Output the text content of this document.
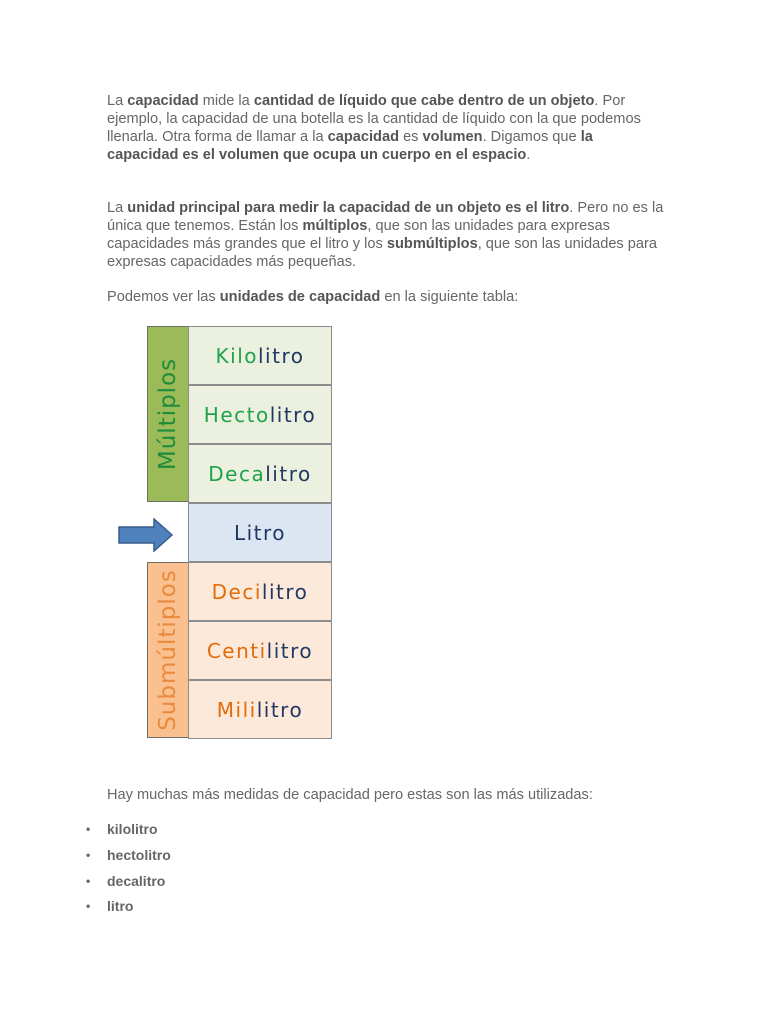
La capacidad mide la cantidad de líquido que cabe dentro de un objeto. Por ejemplo, la capacidad de una botella es la cantidad de líquido con la que podemos llenarla. Otra forma de llamar a la capacidad es volumen. Digamos que la capacidad es el volumen que ocupa un cuerpo en el espacio.
La unidad principal para medir la capacidad de un objeto es el litro. Pero no es la única que tenemos. Están los múltiplos, que son las unidades para expresas capacidades más grandes que el litro y los submúltiplos, que son las unidades para expresas capacidades más pequeñas.
Podemos ver las unidades de capacidad en la siguiente tabla:
Múltiplos
Submúltiplos
Kilo litro
Hecto litro
Deca litro
Litro
Deci litro
Centi litro
Mili litro
Hay muchas más medidas de capacidad pero estas son las más utilizadas:
• kilolitro
• hectolitro
• decalitro
• litro
